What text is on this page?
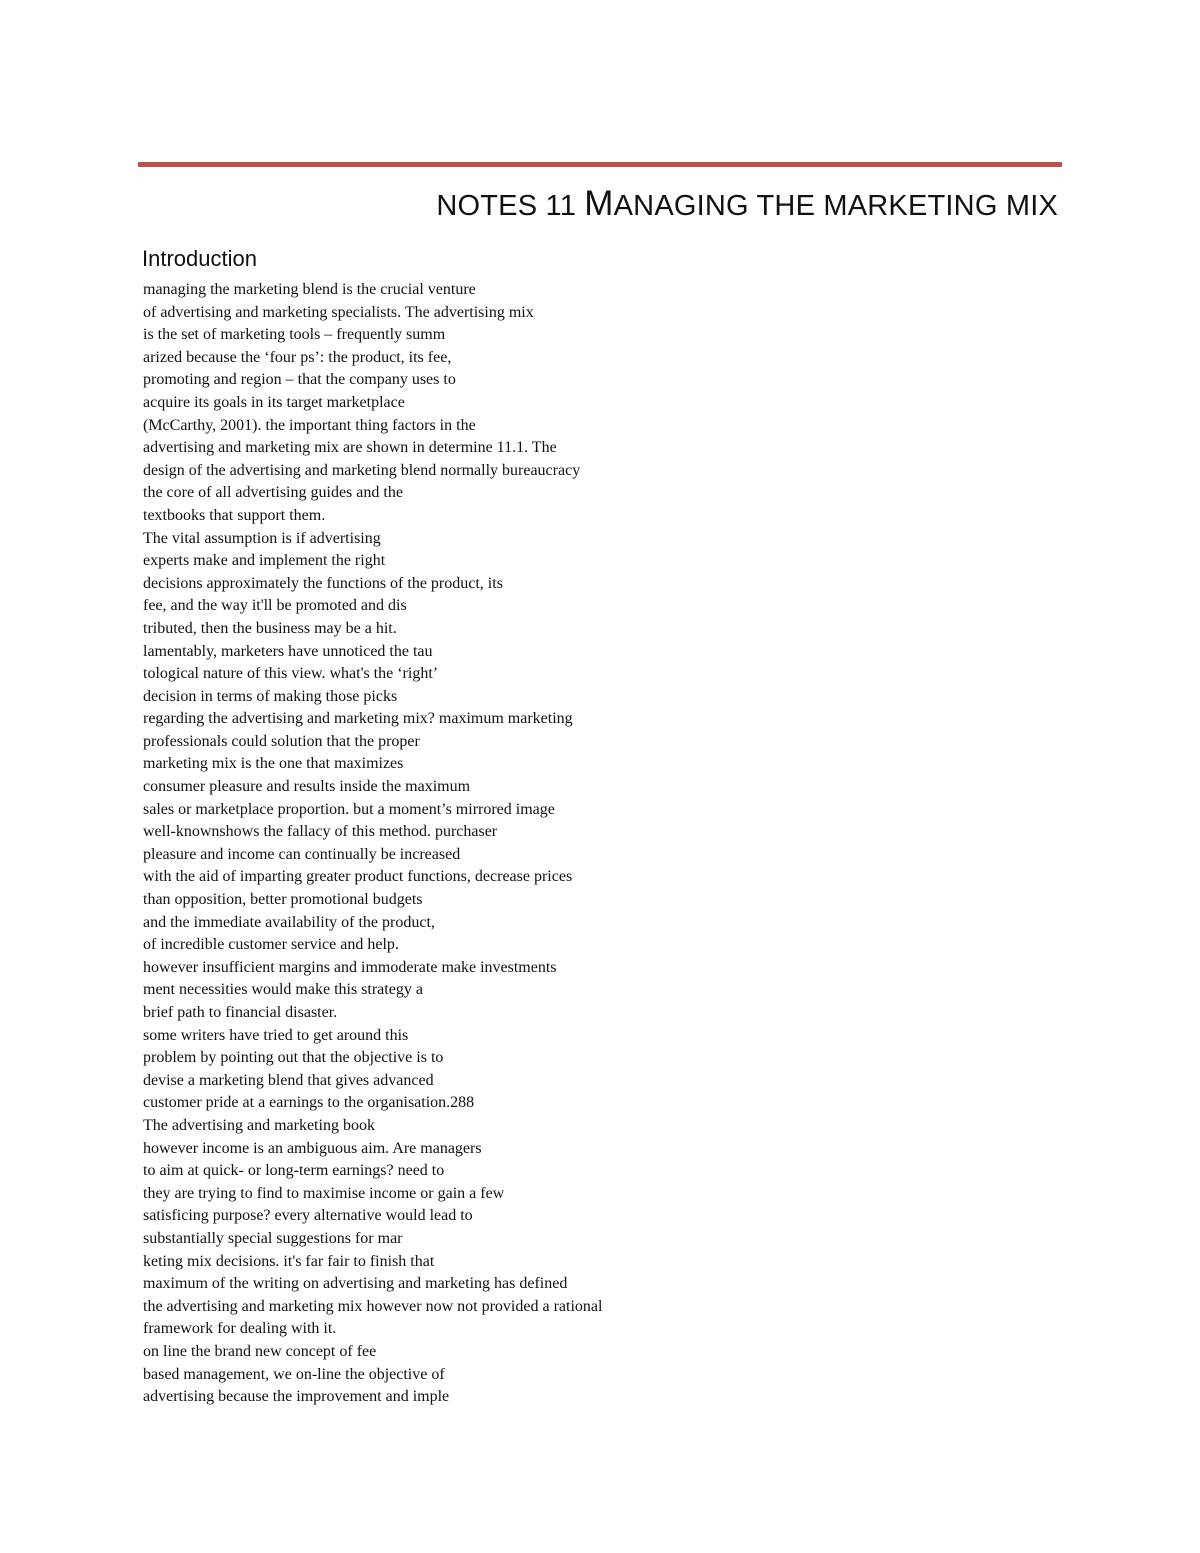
NOTES 11 MANAGING THE MARKETING MIX
Introduction
managing the marketing blend is the crucial venture
of advertising and marketing specialists. The advertising mix
is the set of marketing tools – frequently summ
arized because the ‘four ps’: the product, its fee,
promoting and region – that the company uses to
acquire its goals in its target marketplace
(McCarthy, 2001). the important thing factors in the
advertising and marketing mix are shown in determine 11.1. The
design of the advertising and marketing blend normally bureaucracy
the core of all advertising guides and the
textbooks that support them.
The vital assumption is if advertising
experts make and implement the right
decisions approximately the functions of the product, its
fee, and the way it'll be promoted and dis
tributed, then the business may be a hit.
lamentably, marketers have unnoticed the tau
tological nature of this view. what's the ‘right’
decision in terms of making those picks
regarding the advertising and marketing mix? maximum marketing
professionals could solution that the proper
marketing mix is the one that maximizes
consumer pleasure and results inside the maximum
sales or marketplace proportion. but a moment’s mirrored image
well-knownshows the fallacy of this method. purchaser
pleasure and income can continually be increased
with the aid of imparting greater product functions, decrease prices
than opposition, better promotional budgets
and the immediate availability of the product,
of incredible customer service and help.
however insufficient margins and immoderate make investments
ment necessities would make this strategy a
brief path to financial disaster.
some writers have tried to get around this
problem by pointing out that the objective is to
devise a marketing blend that gives advanced
customer pride at a earnings to the organisation.288
The advertising and marketing book
however income is an ambiguous aim. Are managers
to aim at quick- or long-term earnings? need to
they are trying to find to maximise income or gain a few
satisficing purpose? every alternative would lead to
substantially special suggestions for mar
keting mix decisions. it's far fair to finish that
maximum of the writing on advertising and marketing has defined
the advertising and marketing mix however now not provided a rational
framework for dealing with it.
on line the brand new concept of fee
based management, we on-line the objective of
advertising because the improvement and imple
